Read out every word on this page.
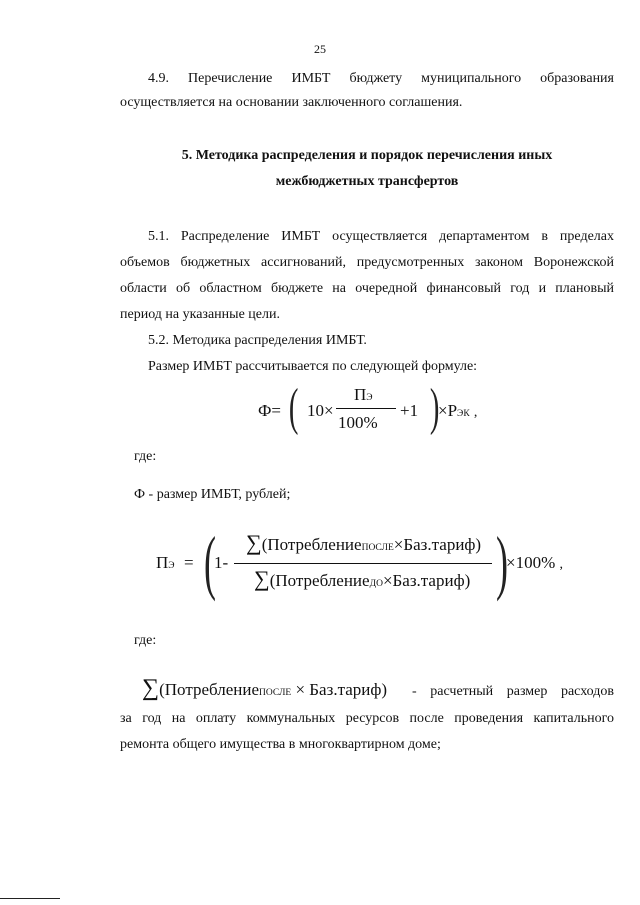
25
4.9. Перечисление ИМБТ бюджету муниципального образования
осуществляется на основании заключенного соглашения.
5. Методика распределения и порядок перечисления иных
межбюджетных трансфертов
5.1. Распределение ИМБТ осуществляется департаментом в пределах
объемов бюджетных ассигнований, предусмотренных законом Воронежской
области об областном бюджете на очередной финансовый год и плановый
период на указанные цели.
5.2. Методика распределения ИМБТ.
Размер ИМБТ рассчитывается по следующей формуле:
Ф= ( 10×
ПЭ
100%
+1 )
×РЭК ,
где:
Ф - размер ИМБТ, рублей;
ПЭ = (
1-
∑(ПотреблениеПОСЛЕ×Баз.тариф)
∑(ПотреблениеДО×Баз.тариф) )
×100% ,
где:
∑(ПотреблениеПОСЛЕ × Баз.тариф) - расчетный размер расходов
за год на оплату коммунальных ресурсов после проведения капитального
ремонта общего имущества в многоквартирном доме;
